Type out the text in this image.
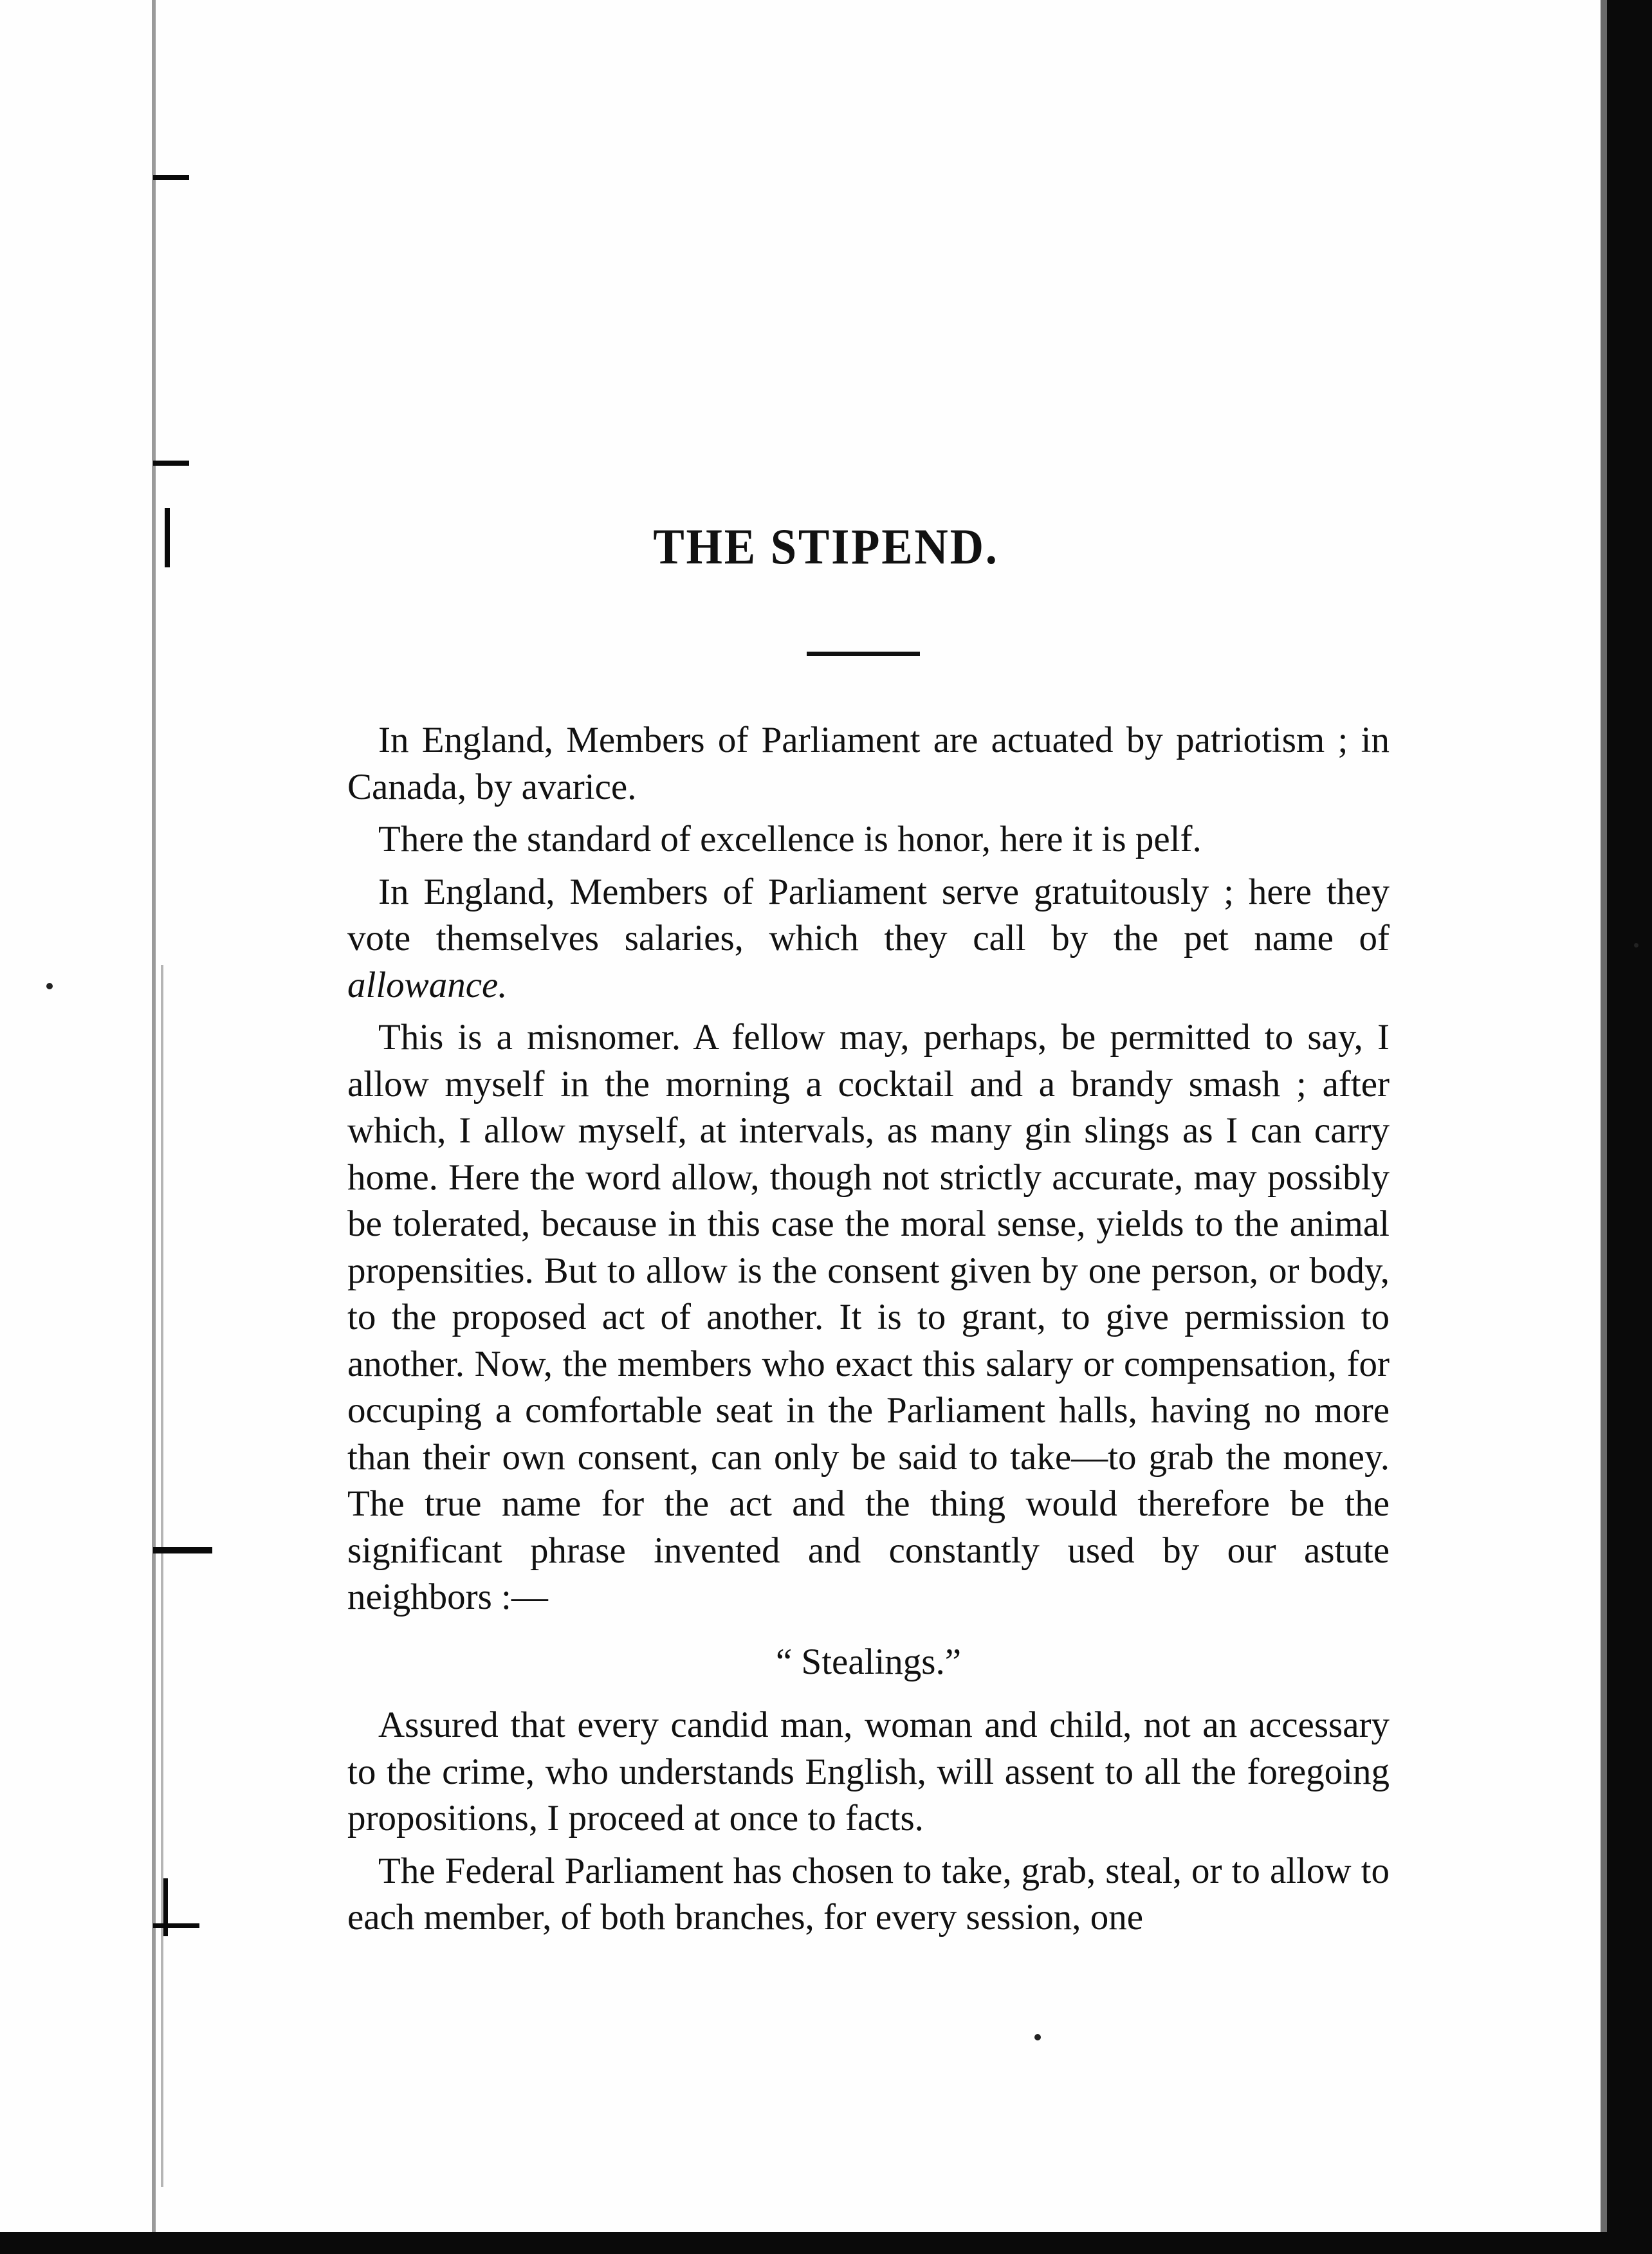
THE STIPEND.

In England, Members of Parliament are actuated by patriotism ; in Canada, by avarice.

There the standard of excellence is honor, here it is pelf.

In England, Members of Parliament serve gratuitously ; here they vote themselves salaries, which they call by the pet name of allowance.

This is a misnomer. A fellow may, perhaps, be permitted to say, I allow myself in the morning a cocktail and a brandy smash ; after which, I allow myself, at intervals, as many gin slings as I can carry home. Here the word allow, though not strictly accurate, may possibly be tolerated, because in this case the moral sense, yields to the animal propensities. But to allow is the consent given by one person, or body, to the proposed act of another. It is to grant, to give permission to another. Now, the members who exact this salary or compensation, for occuping a comfortable seat in the Parliament halls, having no more than their own consent, can only be said to take—to grab the money. The true name for the act and the thing would therefore be the significant phrase invented and constantly used by our astute neighbors :—

“ Stealings.”

Assured that every candid man, woman and child, not an accessary to the crime, who understands English, will assent to all the foregoing propositions, I proceed at once to facts.

The Federal Parliament has chosen to take, grab, steal, or to allow to each member, of both branches, for every session, one
